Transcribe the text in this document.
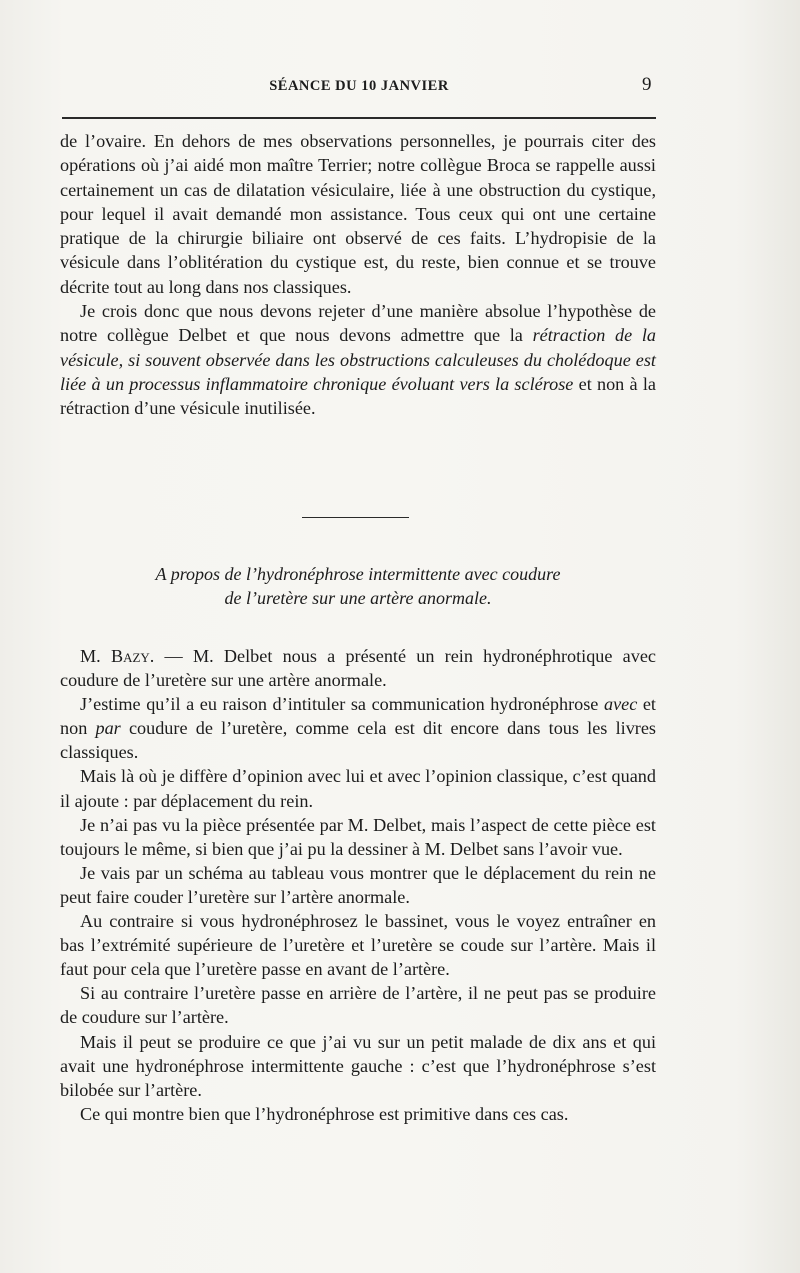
SÉANCE DU 10 JANVIER	9

de l’ovaire. En dehors de mes observations personnelles, je pourrais citer des opérations où j’ai aidé mon maître Terrier; notre collègue Broca se rappelle aussi certainement un cas de dilatation vésiculaire, liée à une obstruction du cystique, pour lequel il avait demandé mon assistance. Tous ceux qui ont une certaine pratique de la chirurgie biliaire ont observé de ces faits. L’hydropisie de la vésicule dans l’oblitération du cystique est, du reste, bien connue et se trouve décrite tout au long dans nos classiques.

Je crois donc que nous devons rejeter d’une manière absolue l’hypothèse de notre collègue Delbet et que nous devons admettre que la rétraction de la vésicule, si souvent observée dans les obstructions calculeuses du cholédoque est liée à un processus inflammatoire chronique évoluant vers la sclérose et non à la rétraction d’une vésicule inutilisée.

A propos de l’hydronéphrose intermittente avec coudure
de l’uretère sur une artère anormale.

M. Bazy. — M. Delbet nous a présenté un rein hydronéphrotique avec coudure de l’uretère sur une artère anormale.

J’estime qu’il a eu raison d’intituler sa communication hydronéphrose avec et non par coudure de l’uretère, comme cela est dit encore dans tous les livres classiques.

Mais là où je diffère d’opinion avec lui et avec l’opinion classique, c’est quand il ajoute : par déplacement du rein.

Je n’ai pas vu la pièce présentée par M. Delbet, mais l’aspect de cette pièce est toujours le même, si bien que j’ai pu la dessiner à M. Delbet sans l’avoir vue.

Je vais par un schéma au tableau vous montrer que le déplacement du rein ne peut faire couder l’uretère sur l’artère anormale.

Au contraire si vous hydronéphrosez le bassinet, vous le voyez entraîner en bas l’extrémité supérieure de l’uretère et l’uretère se coude sur l’artère. Mais il faut pour cela que l’uretère passe en avant de l’artère.

Si au contraire l’uretère passe en arrière de l’artère, il ne peut pas se produire de coudure sur l’artère.

Mais il peut se produire ce que j’ai vu sur un petit malade de dix ans et qui avait une hydronéphrose intermittente gauche : c’est que l’hydronéphrose s’est bilobée sur l’artère.

Ce qui montre bien que l’hydronéphrose est primitive dans ces cas.
